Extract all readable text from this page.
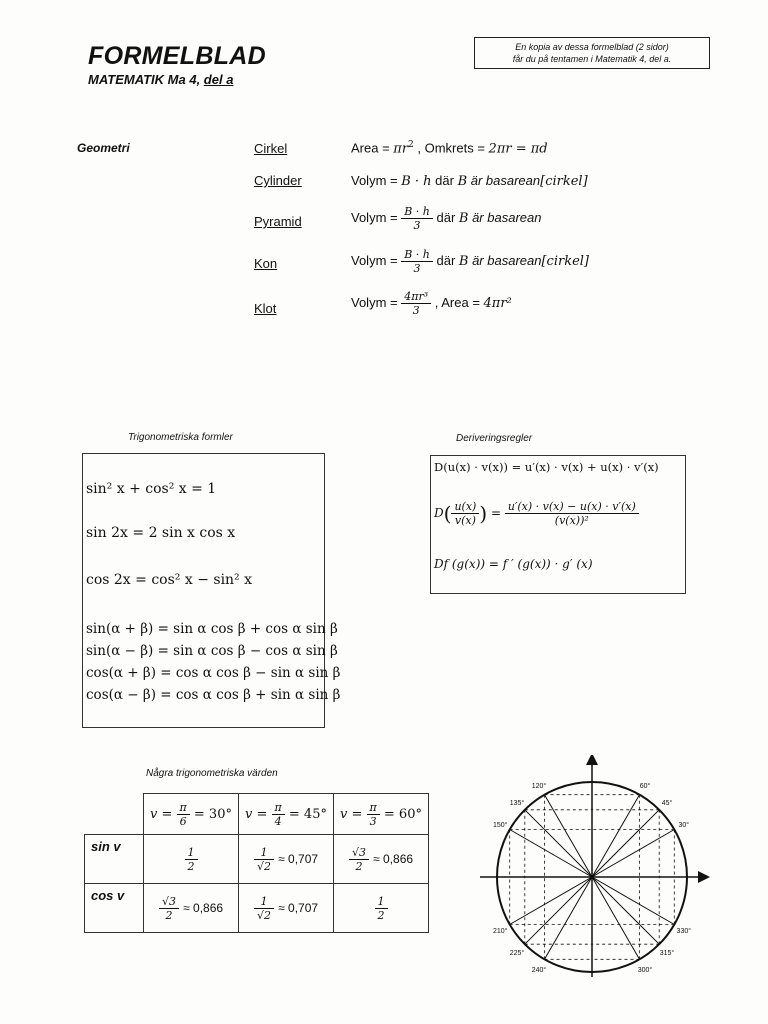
FORMELBLAD
MATEMATIK Ma 4, del a
En kopia av dessa formelblad (2 sidor)
får du på tentamen i Matematik 4, del a.
Geometri	Cirkel	Area = $\pi r^2$ , Omkrets = 2πr = πd
Cylinder	Volym = B · h där B är basarean[cirkel]
Pyramid	Volym = $\frac{B \cdot h}{3}$ där B är basarean
Kon	Volym = $\frac{B \cdot h}{3}$ där B är basarean[cirkel]
Klot	Volym = $\frac{\text{4πr³}}{3}$ , Area = 4πr²
Trigonometriska formler
sin² x + cos² x = 1
sin 2x = 2 sin x cos x
cos 2x = cos² x − sin² x
sin(α + β) = sin α cos β + cos α sin β
sin(α − β) = sin α cos β − cos α sin β
cos(α + β) = cos α cos β − sin α sin β
cos(α − β) = cos α cos β + sin α sin β
Deriveringsregler
D(u(x) · v(x)) = u′(x) · v(x) + u(x) · v′(x)
$D( \frac{u(x)}{v(x)}$ ) = $\frac{u'(x) \cdot v(x) - u(x) \cdot v'(x)}{\text{(v(x))²}}$
Df (g(x)) = f ′ (g(x)) · g′ (x)
Några trigonometriska värden
	$v = \frac{\pi}{6} = 30^\circ$	$v = \frac{\pi}{4} = 45^\circ$	$v = \frac{\pi}{3} = 60^\circ$
sin v	$\frac{1}{2}$	$\frac{1}{√2} \approx 0,707$	$\frac{√3}{2} \approx 0,866$
cos v	$\frac{√3}{2} \approx 0,866$	$\frac{1}{√2} \approx 0,707$	$\frac{1}{2}$
120°	60°
135°	45°
150°	30°
210°	330°
225°	315°
240°	300°
